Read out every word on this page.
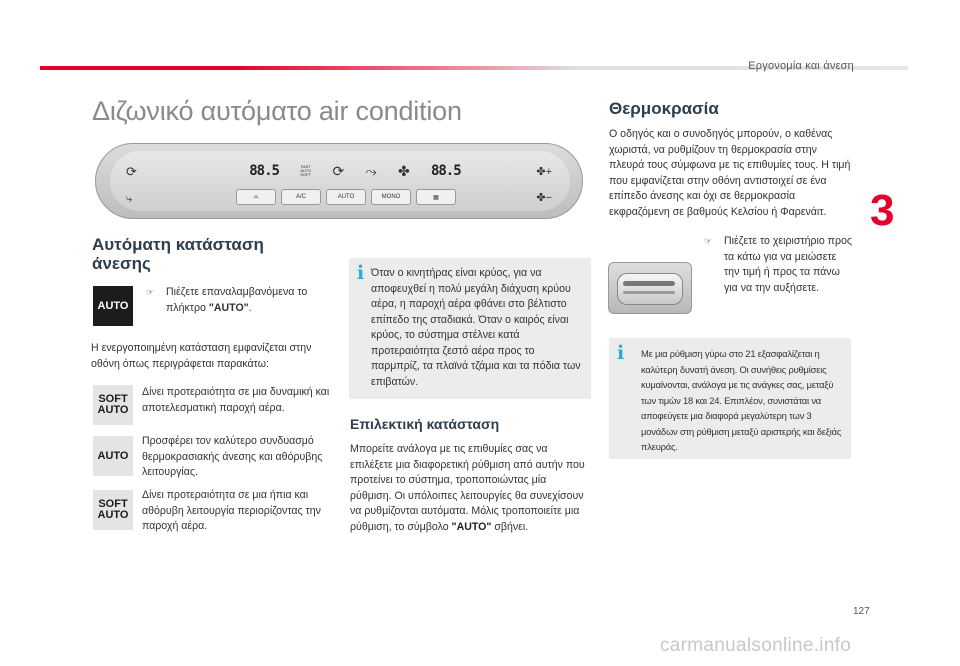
Εργονομία και άνεση
Διζωνικό αυτόματο air condition
⟳
⤷
88.5	FAST
AUTO
SOFT ⟳ ⤳ ✤ 88.5	✤+
✤−
⌓	A/C	AUTO	MONO	▦
Αυτόματη κατάσταση άνεσης
AUTO
☞ Πιέζετε επαναλαμβανόμενα το πλήκτρο "AUTO".
Η ενεργοποιημένη κατάσταση εμφανίζεται στην οθόνη όπως περιγράφεται παρακάτω:
SOFT
AUTO
Δίνει προτεραιότητα σε μια δυναμική και αποτελεσματική παροχή αέρα.
AUTO
Προσφέρει τον καλύτερο συνδυασμό θερμοκρασιακής άνεσης και αθόρυβης λειτουργίας.
SOFT
AUTO
Δίνει προτεραιότητα σε μια ήπια και αθόρυβη λειτουργία περιορίζοντας την παροχή αέρα.
i Όταν ο κινητήρας είναι κρύος, για να αποφευχθεί η πολύ μεγάλη διάχυση κρύου αέρα, η παροχή αέρα φθάνει στο βέλτιστο επίπεδο της σταδιακά. Όταν ο καιρός είναι κρύος, το σύστημα στέλνει κατά προτεραιότητα ζεστό αέρα προς το παρμπρίζ, τα πλαϊνά τζάμια και τα πόδια των επιβατών.
Επιλεκτική κατάσταση
Μπορείτε ανάλογα με τις επιθυμίες σας να επιλέξετε μια διαφορετική ρύθμιση από αυτήν που προτείνει το σύστημα, τροποποιώντας μία ρύθμιση. Οι υπόλοιπες λειτουργίες θα συνεχίσουν να ρυθμίζονται αυτόματα. Μόλις τροποποιείτε μια ρύθμιση, το σύμβολο "AUTO" σβήνει.
Θερμοκρασία
Ο οδηγός και ο συνοδηγός μπορούν, ο καθένας χωριστά, να ρυθμίζουν τη θερμοκρασία στην πλευρά τους σύμφωνα με τις επιθυμίες τους. Η τιμή που εμφανίζεται στην οθόνη αντιστοιχεί σε ένα επίπεδο άνεσης και όχι σε θερμοκρασία εκφραζόμενη σε βαθμούς Κελσίου ή Φαρενάιτ.
☞ Πιέζετε το χειριστήριο προς τα κάτω για να μειώσετε την τιμή ή προς τα πάνω για να την αυξήσετε.
i Με μια ρύθμιση γύρω στο 21 εξασφαλίζεται η καλύτερη δυνατή άνεση. Οι συνήθεις ρυθμίσεις κυμαίνονται, ανάλογα με τις ανάγκες σας, μεταξύ των τιμών 18 και 24. Επιπλέον, συνιστάται να αποφεύγετε μια διαφορά μεγαλύτερη των 3 μονάδων στη ρύθμιση μεταξύ αριστερής και δεξιάς πλευράς.
3
127
carmanualsonline.info
